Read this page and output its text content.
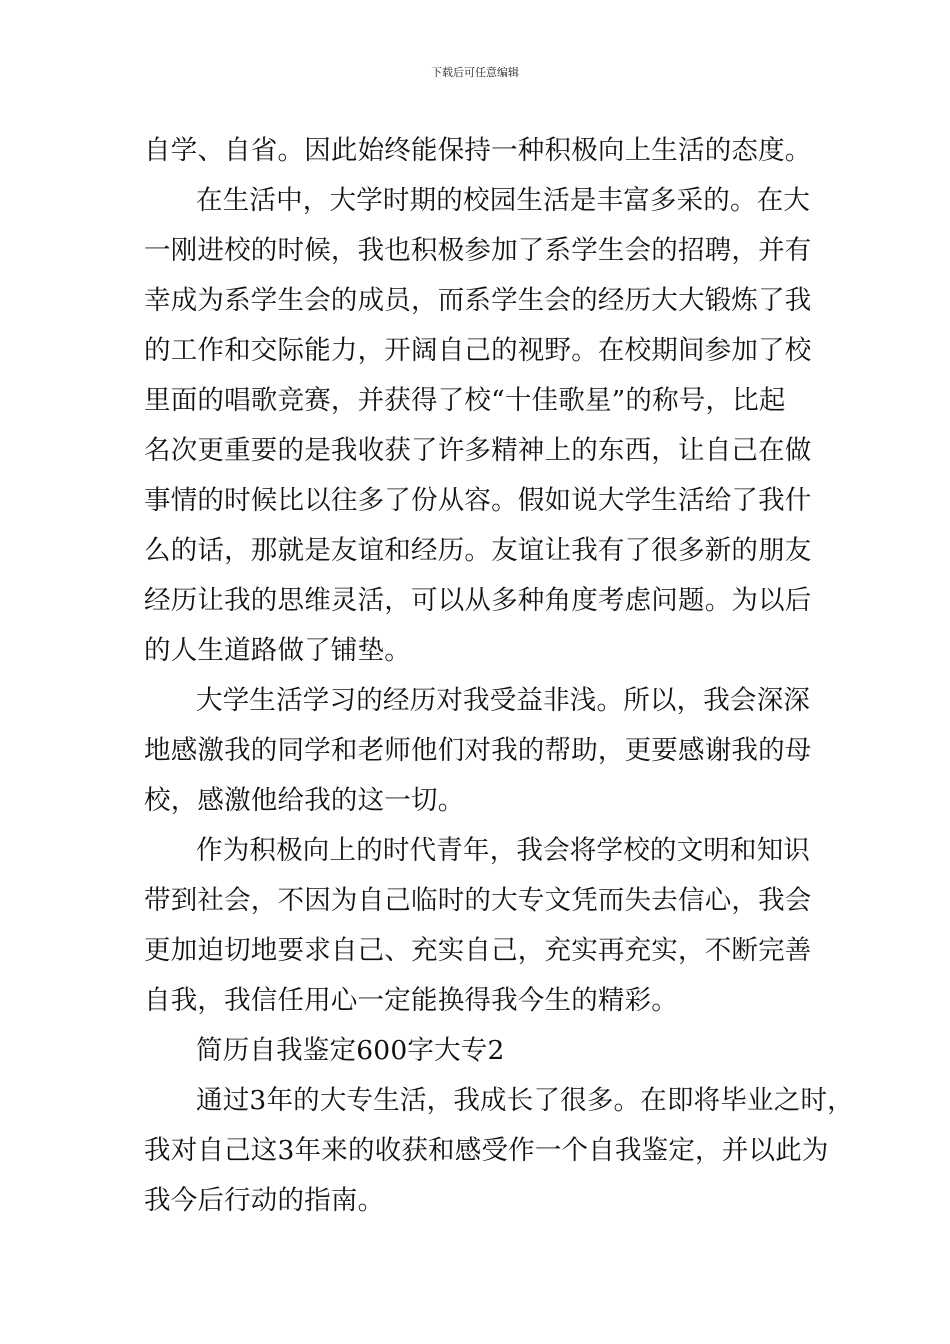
下载后可任意编辑
自学、自省。因此始终能保持一种积极向上生活的态度。
在生活中，大学时期的校园生活是丰富多采的。在大
一刚进校的时候，我也积极参加了系学生会的招聘，并有
幸成为系学生会的成员，而系学生会的经历大大锻炼了我
的工作和交际能力，开阔自己的视野。在校期间参加了校
里面的唱歌竞赛，并获得了校“十佳歌星”的称号，比起
名次更重要的是我收获了许多精神上的东西，让自己在做
事情的时候比以往多了份从容。假如说大学生活给了我什
么的话，那就是友谊和经历。友谊让我有了很多新的朋友
经历让我的思维灵活，可以从多种角度考虑问题。为以后
的人生道路做了铺垫。
大学生活学习的经历对我受益非浅。所以，我会深深
地感激我的同学和老师他们对我的帮助，更要感谢我的母
校，感激他给我的这一切。
作为积极向上的时代青年，我会将学校的文明和知识
带到社会，不因为自己临时的大专文凭而失去信心，我会
更加迫切地要求自己、充实自己，充实再充实，不断完善
自我，我信任用心一定能换得我今生的精彩。
简历自我鉴定600字大专2
通过3年的大专生活，我成长了很多。在即将毕业之时，
我对自己这3年来的收获和感受作一个自我鉴定，并以此为
我今后行动的指南。
